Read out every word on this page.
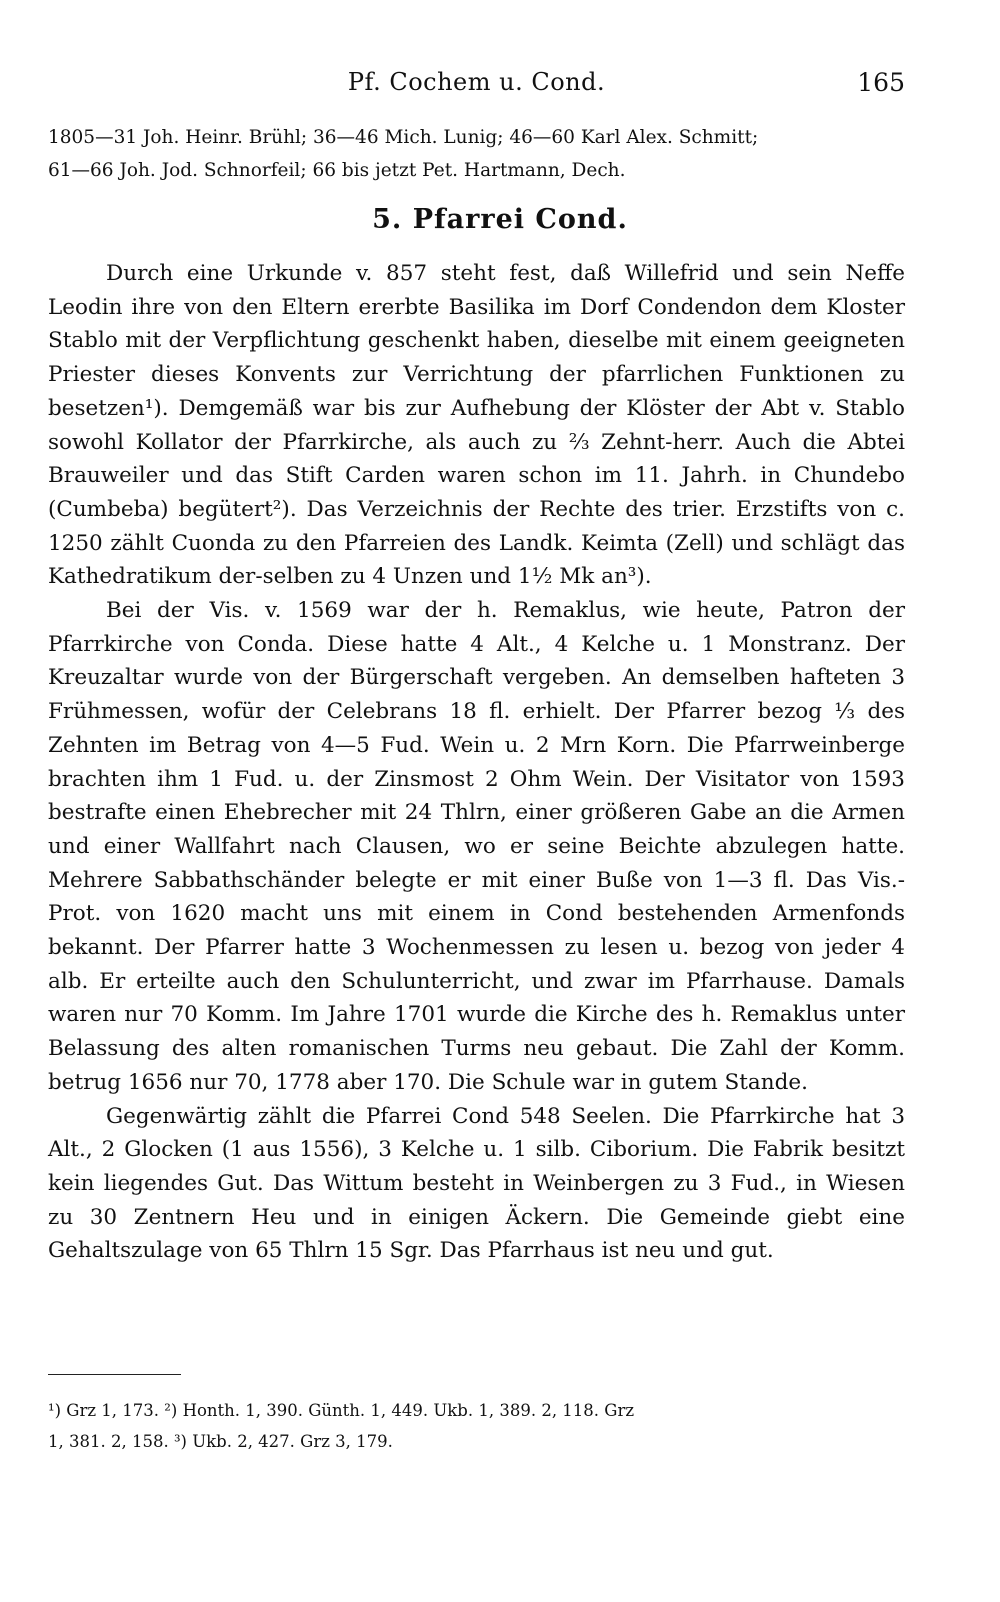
Pf. Cochem u. Cond.	165
1805—31 Joh. Heinr. Brühl; 36—46 Mich. Lunig; 46—60 Karl Alex. Schmitt;
61—66 Joh. Jod. Schnorfeil; 66 bis jetzt Pet. Hartmann, Dech.
5. Pfarrei Cond.

Durch eine Urkunde v. 857 steht fest, daß Willefrid und sein Neffe Leodin ihre von den Eltern ererbte Basilika im Dorf Condendon dem Kloster Stablo mit der Verpflichtung geschenkt haben, dieselbe mit einem geeigneten Priester dieses Konvents zur Verrichtung der pfarrlichen Funktionen zu besetzen¹). Demgemäß war bis zur Aufhebung der Klöster der Abt v. Stablo sowohl Kollator der Pfarrkirche, als auch zu ²⁄₃ Zehnt-herr. Auch die Abtei Brauweiler und das Stift Carden waren schon im 11. Jahrh. in Chundebo (Cumbeba) begütert²). Das Verzeichnis der Rechte des trier. Erzstifts von c. 1250 zählt Cuonda zu den Pfarreien des Landk. Keimta (Zell) und schlägt das Kathedratikum der-selben zu 4 Unzen und 1½ Mk an³).

Bei der Vis. v. 1569 war der h. Remaklus, wie heute, Patron der Pfarrkirche von Conda. Diese hatte 4 Alt., 4 Kelche u. 1 Monstranz. Der Kreuzaltar wurde von der Bürgerschaft vergeben. An demselben hafteten 3 Frühmessen, wofür der Celebrans 18 fl. erhielt. Der Pfarrer bezog ⅓ des Zehnten im Betrag von 4—5 Fud. Wein u. 2 Mrn Korn. Die Pfarrweinberge brachten ihm 1 Fud. u. der Zinsmost 2 Ohm Wein. Der Visitator von 1593 bestrafte einen Ehebrecher mit 24 Thlrn, einer größeren Gabe an die Armen und einer Wallfahrt nach Clausen, wo er seine Beichte abzulegen hatte. Mehrere Sabbathschänder belegte er mit einer Buße von 1—3 fl. Das Vis.-Prot. von 1620 macht uns mit einem in Cond bestehenden Armenfonds bekannt. Der Pfarrer hatte 3 Wochenmessen zu lesen u. bezog von jeder 4 alb. Er erteilte auch den Schulunterricht, und zwar im Pfarrhause. Damals waren nur 70 Komm. Im Jahre 1701 wurde die Kirche des h. Remaklus unter Belassung des alten romanischen Turms neu gebaut. Die Zahl der Komm. betrug 1656 nur 70, 1778 aber 170. Die Schule war in gutem Stande.

Gegenwärtig zählt die Pfarrei Cond 548 Seelen. Die Pfarrkirche hat 3 Alt., 2 Glocken (1 aus 1556), 3 Kelche u. 1 silb. Ciborium. Die Fabrik besitzt kein liegendes Gut. Das Wittum besteht in Weinbergen zu 3 Fud., in Wiesen zu 30 Zentnern Heu und in einigen Äckern. Die Gemeinde giebt eine Gehaltszulage von 65 Thlrn 15 Sgr. Das Pfarrhaus ist neu und gut.

¹) Grz 1, 173. ²) Honth. 1, 390. Günth. 1, 449. Ukb. 1, 389. 2, 118. Grz
1, 381. 2, 158. ³) Ukb. 2, 427. Grz 3, 179.
